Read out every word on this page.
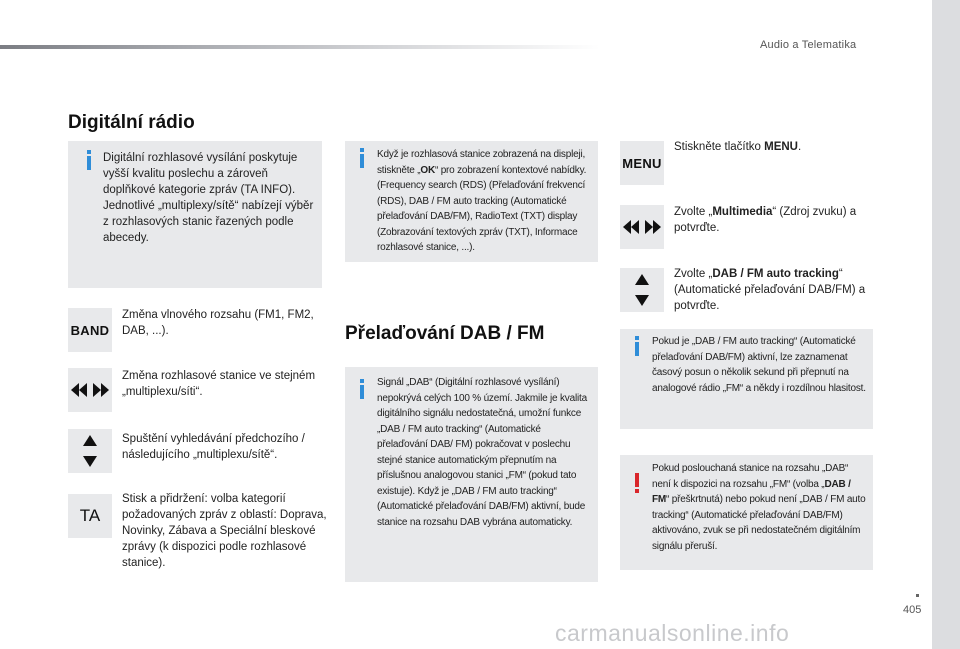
Audio a Telematika
Digitální rádio
Digitální rozhlasové vysílání poskytuje vyšší kvalitu poslechu a zároveň doplňkové kategorie zpráv (TA INFO). Jednotlivé „multiplexy/sítě“ nabízejí výběr z rozhlasových stanic řazených podle abecedy.
BAND
Změna vlnového rozsahu (FM1, FM2, DAB, ...).
Změna rozhlasové stanice ve stejném „multiplexu/síti“.
Spuštění vyhledávání předchozího / následujícího „multiplexu/sítě“.
TA
Stisk a přidržení: volba kategorií požadovaných zpráv z oblastí: Doprava, Novinky, Zábava a Speciální bleskové zprávy (k dispozici podle rozhlasové stanice).
Když je rozhlasová stanice zobrazená na displeji, stiskněte „OK“ pro zobrazení kontextové nabídky. (Frequency search (RDS) (Přelaďování frekvencí (RDS), DAB / FM auto tracking (Automatické přelaďování DAB/FM), RadioText (TXT) display (Zobrazování textových zpráv (TXT), Informace rozhlasové stanice, ...).
Přelaďování DAB / FM
Signál „DAB“ (Digitální rozhlasové vysílání) nepokrývá celých 100 % území. Jakmile je kvalita digitálního signálu nedostatečná, umožní funkce „DAB / FM auto tracking“ (Automatické přelaďování DAB/ FM) pokračovat v poslechu stejné stanice automatickým přepnutím na příslušnou analogovou stanici „FM“ (pokud tato existuje). Když je „DAB / FM auto tracking“ (Automatické přelaďování DAB/FM) aktivní, bude stanice na rozsahu DAB vybrána automaticky.
MENU
Stiskněte tlačítko MENU.
Zvolte „Multimedia“ (Zdroj zvuku) a potvrďte.
Zvolte „DAB / FM auto tracking“ (Automatické přelaďování DAB/FM) a potvrďte.
Pokud je „DAB / FM auto tracking“ (Automatické přelaďování DAB/FM) aktivní, lze zaznamenat časový posun o několik sekund při přepnutí na analogové rádio „FM“ a někdy i rozdílnou hlasitost.
Pokud poslouchaná stanice na rozsahu „DAB“ není k dispozici na rozsahu „FM“ (volba „DAB / FM“ přeškrtnutá) nebo pokud není „DAB / FM auto tracking“ (Automatické přelaďování DAB/FM) aktivováno, zvuk se při nedostatečném digitálním signálu přeruší.
405
carmanualsonline.info
